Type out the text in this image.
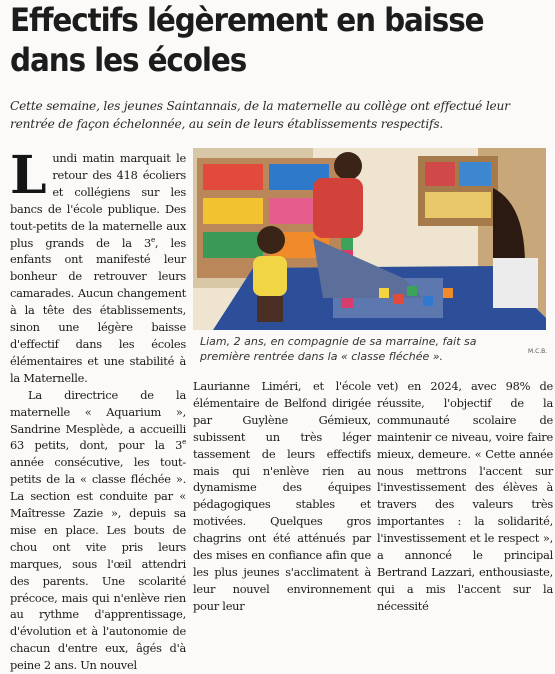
Effectifs légèrement en baisse
dans les écoles

Cette semaine, les jeunes Saintannais, de la maternelle au collège ont effectué leur rentrée de façon échelonnée, au sein de leurs établissements respectifs.

Lundi matin marquait le retour des 418 écoliers et collégiens sur les bancs de l'école publique. Des tout-petits de la maternelle aux plus grands de la 3e, les enfants ont manifesté leur bonheur de retrouver leurs camarades. Aucun changement à la tête des établissements, sinon une légère baisse d'effectif dans les écoles élémentaires et une stabilité à la Maternelle.

La directrice de la maternelle « Aquarium », Sandrine Mesplède, a accueilli 63 petits, dont, pour la 3e année consécutive, les tout-petits de la « classe fléchée ». La section est conduite par « Maîtresse Zazie », depuis sa mise en place. Les bouts de chou ont vite pris leurs marques, sous l'œil attendri des parents. Une scolarité précoce, mais qui n'enlève rien au rythme d'apprentissage, d'évolution et à l'autonomie de chacun d'entre eux, âgés d'à peine 2 ans. Un nouvel

Liam, 2 ans, en compagnie de sa marraine, fait sa première rentrée dans la « classe fléchée ».	M.C.B.

Laurianne Liméri, et l'école élémentaire de Belfond dirigée par Guylène Gémieux, subissent un très léger tassement de leurs effectifs mais qui n'enlève rien au dynamisme des équipes pédagogiques stables et motivées. Quelques gros chagrins ont été atténués par des mises en confiance afin que les plus jeunes s'acclimatent à leur nouvel environnement pour leur

vet) en 2024, avec 98% de réussite, l'objectif de la communauté scolaire de maintenir ce niveau, voire faire mieux, demeure. « Cette année nous mettrons l'accent sur l'investissement des élèves à travers des valeurs très importantes : la solidarité, l'investissement et le respect », a annoncé le principal Bertrand Lazzari, enthousiaste, qui a mis l'accent sur la nécessité
